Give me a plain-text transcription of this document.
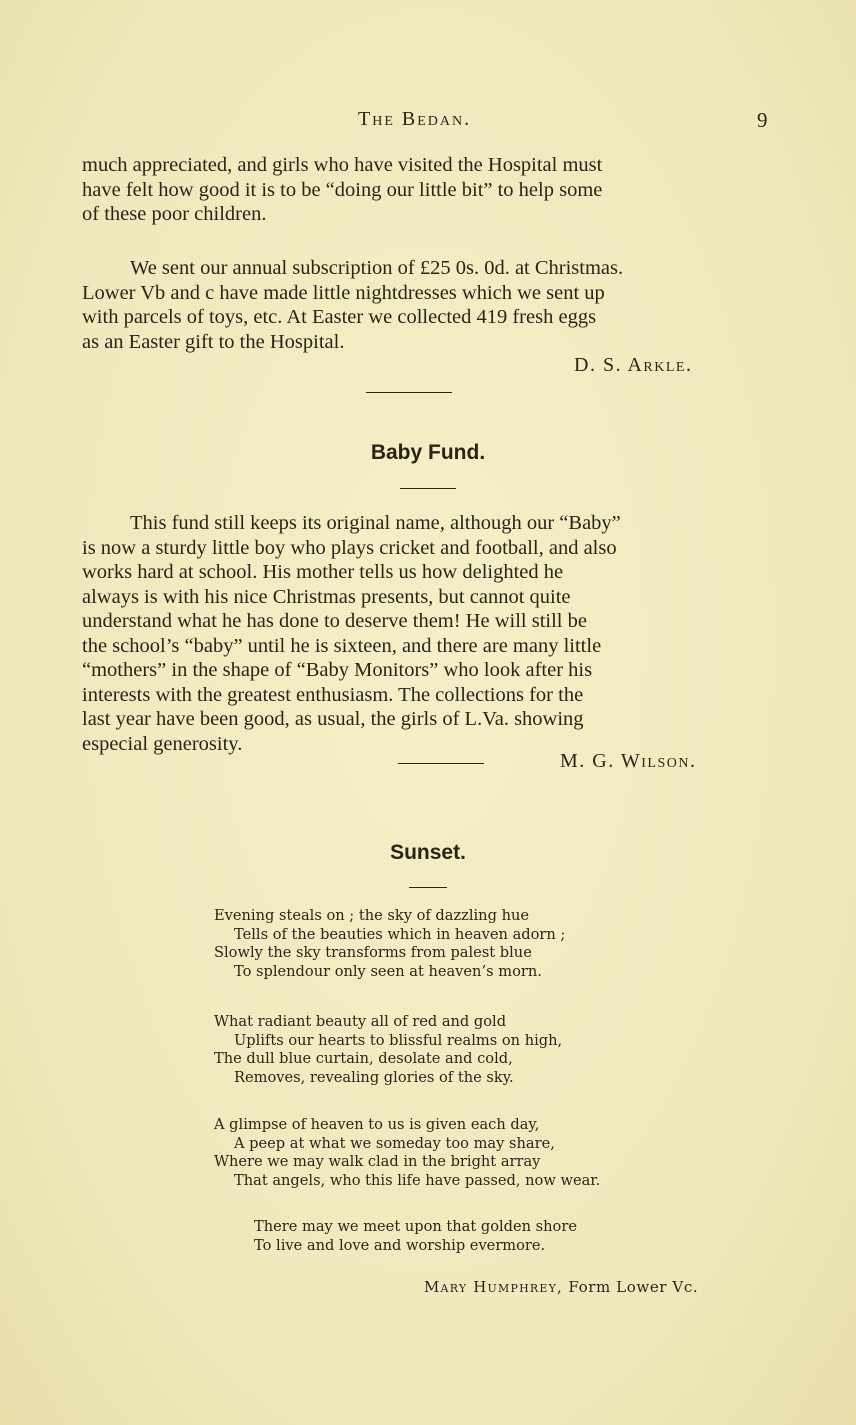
The Bedan.	9
much appreciated, and girls who have visited the Hospital must
have felt how good it is to be “doing our little bit” to help some
of these poor children.
We sent our annual subscription of £25 0s. 0d. at Christmas.
Lower Vb and c have made little nightdresses which we sent up
with parcels of toys, etc. At Easter we collected 419 fresh eggs
as an Easter gift to the Hospital.
D. S. Arkle.
Baby Fund.
This fund still keeps its original name, although our “Baby”
is now a sturdy little boy who plays cricket and football, and also
works hard at school. His mother tells us how delighted he
always is with his nice Christmas presents, but cannot quite
understand what he has done to deserve them! He will still be
the school’s “baby” until he is sixteen, and there are many little
“mothers” in the shape of “Baby Monitors” who look after his
interests with the greatest enthusiasm. The collections for the
last year have been good, as usual, the girls of L.Va. showing
especial generosity.
M. G. Wilson.
Sunset.
Evening steals on ; the sky of dazzling hue
Tells of the beauties which in heaven adorn ;
Slowly the sky transforms from palest blue
To splendour only seen at heaven’s morn.
What radiant beauty all of red and gold
Uplifts our hearts to blissful realms on high,
The dull blue curtain, desolate and cold,
Removes, revealing glories of the sky.
A glimpse of heaven to us is given each day,
A peep at what we someday too may share,
Where we may walk clad in the bright array
That angels, who this life have passed, now wear.
There may we meet upon that golden shore
To live and love and worship evermore.
Mary Humphrey, Form Lower Vc.
